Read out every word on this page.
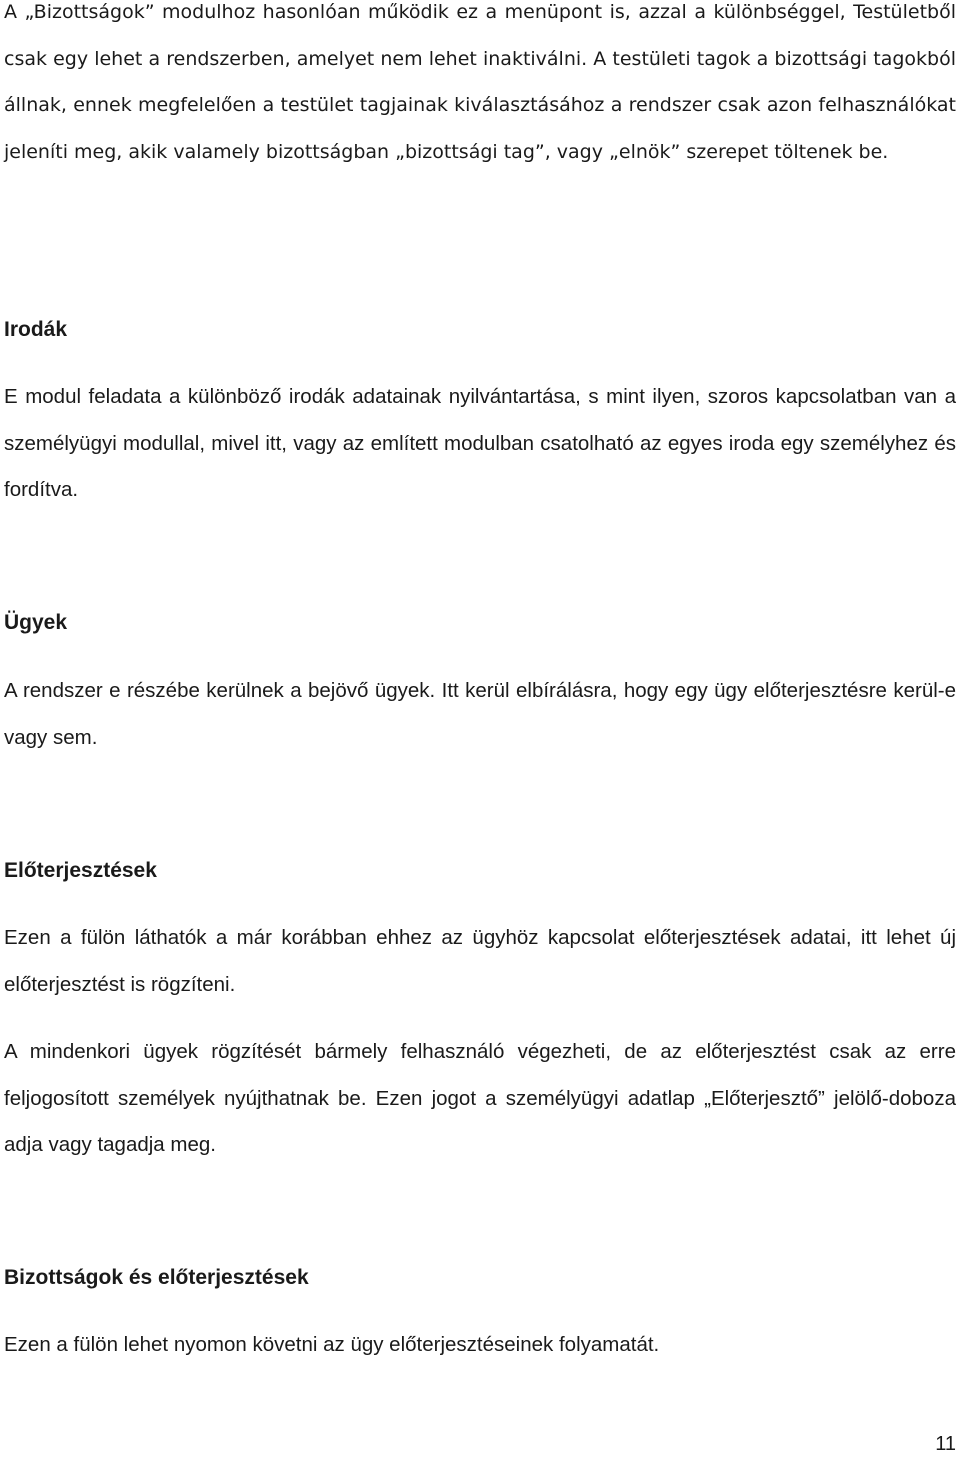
A „Bizottságok” modulhoz hasonlóan működik ez a menüpont is, azzal a különbséggel, Testületből csak egy lehet a rendszerben, amelyet nem lehet inaktiválni. A testületi tagok a bizottsági tagokból állnak, ennek megfelelően a testület tagjainak kiválasztásához a rendszer csak azon felhasználókat jeleníti meg, akik valamely bizottságban „bizottsági tag”, vagy „elnök” szerepet töltenek be.

Irodák

E modul feladata a különböző irodák adatainak nyilvántartása, s mint ilyen, szoros kapcsolatban van a személyügyi modullal, mivel itt, vagy az említett modulban csatolható az egyes iroda egy személyhez és fordítva.

Ügyek

A rendszer e részébe kerülnek a bejövő ügyek. Itt kerül elbírálásra, hogy egy ügy előterjesztésre kerül-e vagy sem.

Előterjesztések

Ezen a fülön láthatók a már korábban ehhez az ügyhöz kapcsolat előterjesztések adatai, itt lehet új előterjesztést is rögzíteni.

A mindenkori ügyek rögzítését bármely felhasználó végezheti, de az előterjesztést csak az erre feljogosított személyek nyújthatnak be. Ezen jogot a személyügyi adatlap „Előterjesztő” jelölő-doboza adja vagy tagadja meg.

Bizottságok és előterjesztések

Ezen a fülön lehet nyomon követni az ügy előterjesztéseinek folyamatát.

11
